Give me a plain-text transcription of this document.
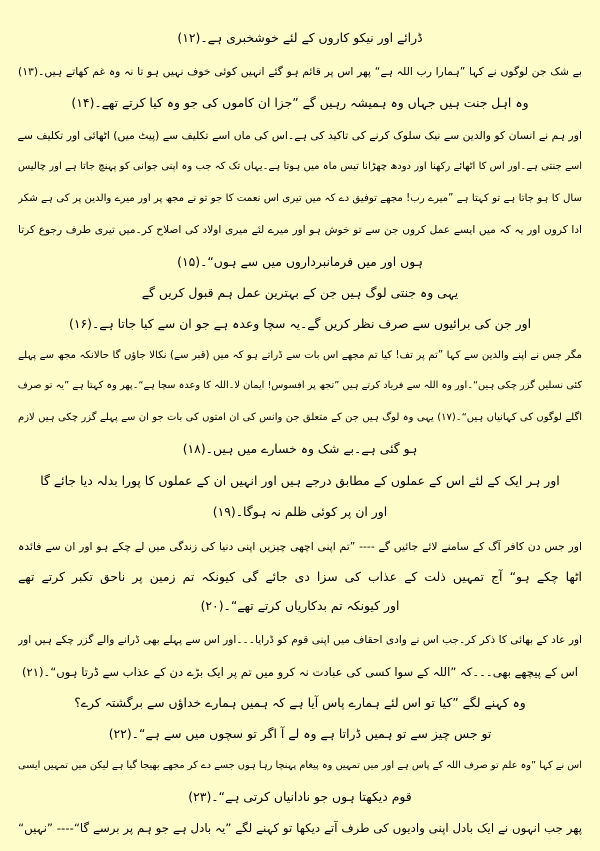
ڈرائے اور نیکو کاروں کے لئے خوشخبری ہے۔(۱۲)
بے شک جن لوگوں نے کہا ”ہمارا رب اللہ ہے“ پھر اس پر قائم ہو گئے انہیں کوئی خوف نہیں ہو تا نہ وہ غم کھاتے ہیں۔(۱۳)
وہ اہل جنت ہیں جہاں وہ ہمیشہ رہیں گے ”جزا ان کاموں کی جو وہ کیا کرتے تھے۔(۱۴)
اور ہم نے انسان کو والدین سے نیک سلوک کرنے کی تاکید کی ہے۔اس کی ماں اسے تکلیف سے (پیٹ میں) اٹھائی اور تکلیف سے
اسے جنتی ہے۔اور اس کا اٹھائے رکھنا اور دودھ چھڑانا تیس ماہ میں ہوتا ہے۔یہاں تک کہ جب وہ اپنی جوانی کو پہنچ جاتا ہے اور چالیس
سال کا ہو جاتا ہے تو کہتا ہے ”میرے رب! مجھے توفیق دے کہ میں تیری اس نعمت کا جو تو نے مجھ پر اور میرے والدین پر کی ہے شکر
ادا کروں اور یہ کہ میں ایسے عمل کروں جن سے تو خوش ہو اور میرے لئے میری اولاد کی اصلاح کر۔میں تیری طرف رجوع کرتا
ہوں اور میں فرمانبرداروں میں سے ہوں“۔(۱۵)
یہی وہ جنتی لوگ ہیں جن کے بہترین عمل ہم قبول کریں گے
اور جن کی برائیوں سے صرف نظر کریں گے۔یہ سچا وعدہ ہے جو ان سے کیا جاتا ہے۔(۱۶)
مگر جس نے اپنے والدین سے کہا ”تم پر تف! کیا تم مجھے اس بات سے ڈراتے ہو کہ میں (قبر سے) نکالا جاؤں گا حالانکہ مجھ سے پہلے
کئی نسلیں گزر چکی ہیں“۔اور وہ اللہ سے فریاد کرتے ہیں ”تجھ پر افسوس! ایمان لا۔اللہ کا وعدہ سچا ہے“۔پھر وہ کہتا ہے ”یہ تو صرف
اگلے لوگوں کی کہانیاں ہیں“۔(۱۷) یہی وہ لوگ ہیں جن کے متعلق جن وانس کی ان امتوں کی بات جو ان سے پہلے گزر چکی ہیں لازم
ہو گئی ہے۔بے شک وہ خسارے میں ہیں۔(۱۸)
اور ہر ایک کے لئے اس کے عملوں کے مطابق درجے ہیں اور انہیں ان کے عملوں کا پورا بدلہ دیا جائے گا
اور ان پر کوئی ظلم نہ ہوگا۔(۱۹)
اور جس دن کافر آگ کے سامنے لائے جائیں گے ---- ”تم اپنی اچھی چیزیں اپنی دنیا کی زندگی میں لے چکے ہو اور ان سے فائدہ
اٹھا چکے ہو“ آج تمہیں ذلت کے عذاب کی سزا دی جائے گی کیونکہ تم زمین پر ناحق تکبر کرتے تھے
اور کیونکہ تم بدکاریاں کرتے تھے“۔(۲۰)
اور عاد کے بھائی کا ذکر کر۔جب اس نے وادی احقاف میں اپنی قوم کو ڈرایا۔۔۔اور اس سے پہلے بھی ڈرانے والے گزر چکے ہیں اور
اس کے پیچھے بھی۔۔۔کہ ”اللہ کے سوا کسی کی عبادت نہ کرو میں تم پر ایک بڑے دن کے عذاب سے ڈرتا ہوں“۔(۲۱)
وہ کہنے لگے ”کیا تو اس لئے ہمارے پاس آیا ہے کہ ہمیں ہمارے خداؤں سے برگشتہ کرے؟
تو جس چیز سے تو ہمیں ڈراتا ہے وہ لے آ اگر تو سچوں میں سے ہے“۔(۲۲)
اس نے کہا ”وہ علم تو صرف اللہ کے پاس ہے اور میں تمہیں وہ پیغام پہنچا رہا ہوں جسے دے کر مجھے بھیجا گیا ہے لیکن میں تمہیں ایسی
قوم دیکھتا ہوں جو نادانیاں کرتی ہے“۔(۲۳)
پھر جب انہوں نے ایک بادل اپنی وادیوں کی طرف آتے دیکھا تو کہنے لگے ”یہ بادل ہے جو ہم پر برسے گا“---- ”نہیں“
